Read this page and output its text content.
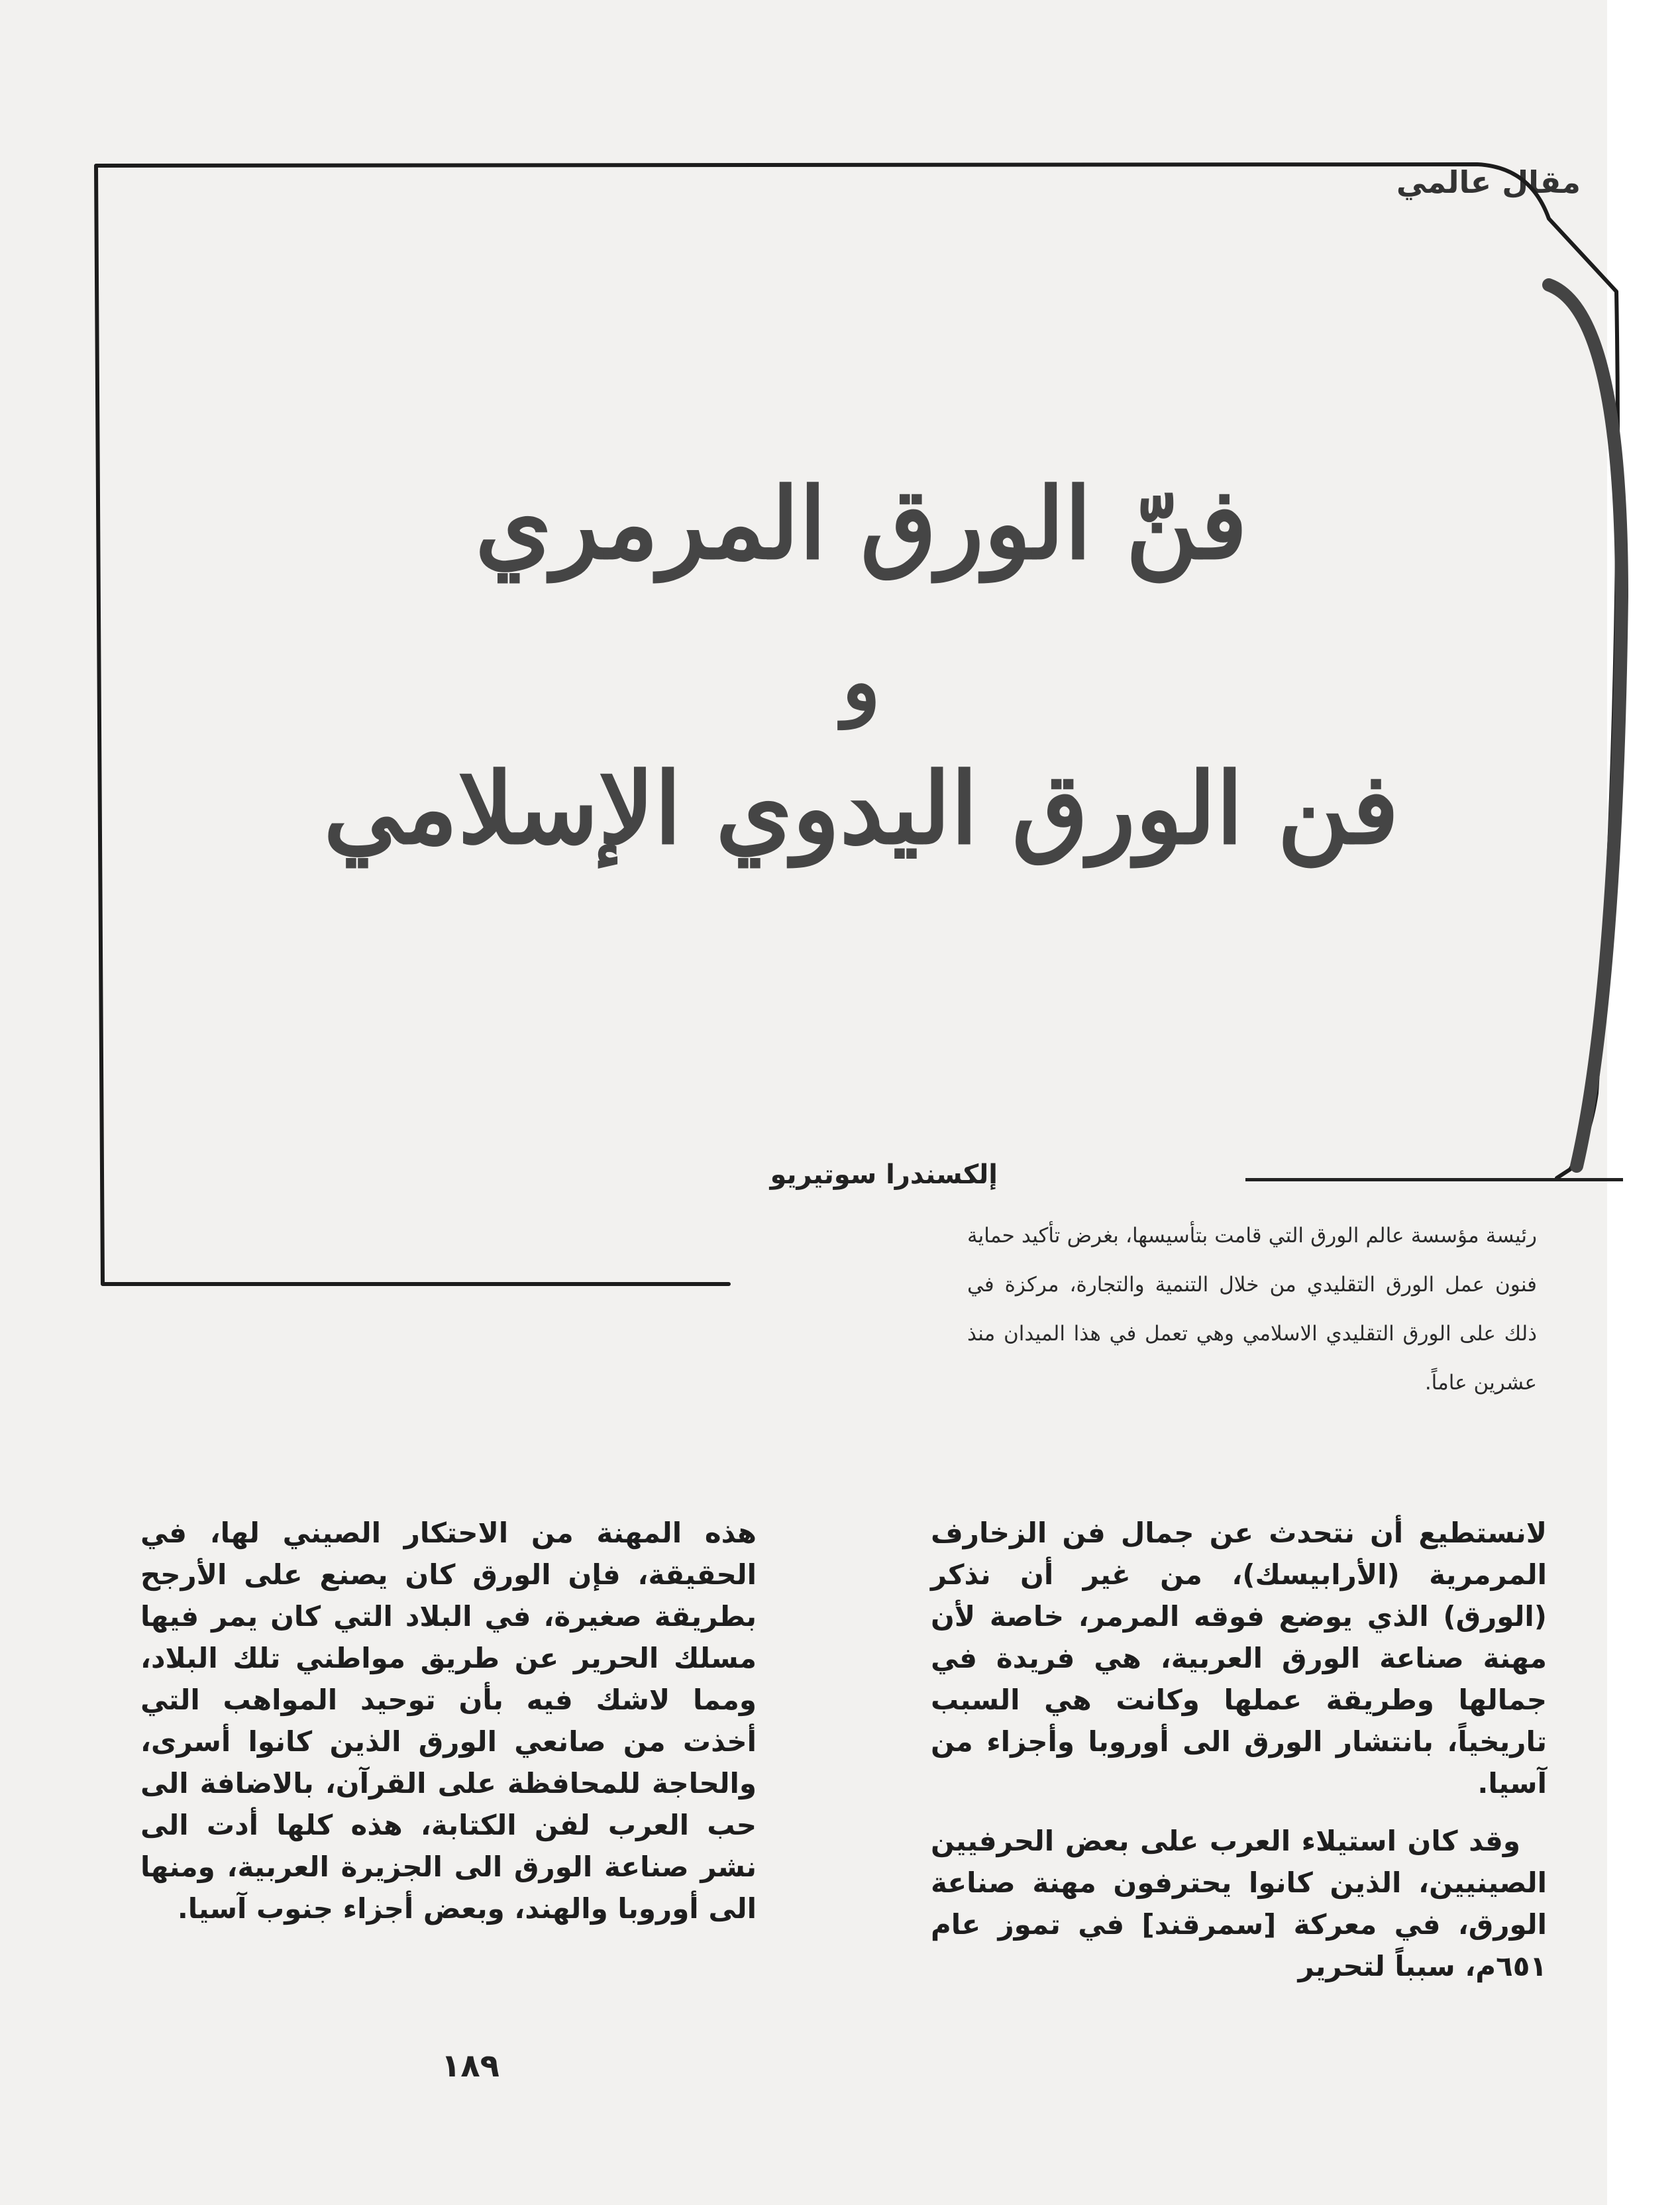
مقال عالمي
فنّ الورق المرمري
و
فن الورق اليدوي الإسلامي
إلكسندرا سوتيريو
رئيسة مؤسسة عالم الورق التي قامت بتأسيسها، بغرض تأكيد حماية فنون عمل الورق التقليدي من خلال التنمية والتجارة، مركزة في ذلك على الورق التقليدي الاسلامي وهي تعمل في هذا الميدان منذ عشرين عاماً.

لانستطيع أن نتحدث عن جمال فن الزخارف المرمرية (الأرابيسك)، من غير أن نذكر (الورق) الذي يوضع فوقه المرمر، خاصة لأن مهنة صناعة الورق العربية، هي فريدة في جمالها وطريقة عملها وكانت هي السبب تاريخياً، بانتشار الورق الى أوروبا وأجزاء من آسيا.

وقد كان استيلاء العرب على بعض الحرفيين الصينيين، الذين كانوا يحترفون مهنة صناعة الورق، في معركة [سمرقند] في تموز عام ٦٥١م، سبباً لتحرير

هذه المهنة من الاحتكار الصيني لها، في الحقيقة، فإن الورق كان يصنع على الأرجح بطريقة صغيرة، في البلاد التي كان يمر فيها مسلك الحرير عن طريق مواطني تلك البلاد، ومما لاشك فيه بأن توحيد المواهب التي أخذت من صانعي الورق الذين كانوا أسرى، والحاجة للمحافظة على القرآن، بالاضافة الى حب العرب لفن الكتابة، هذه كلها أدت الى نشر صناعة الورق الى الجزيرة العربية، ومنها الى أوروبا والهند، وبعض أجزاء جنوب آسيا.

١٨٩
